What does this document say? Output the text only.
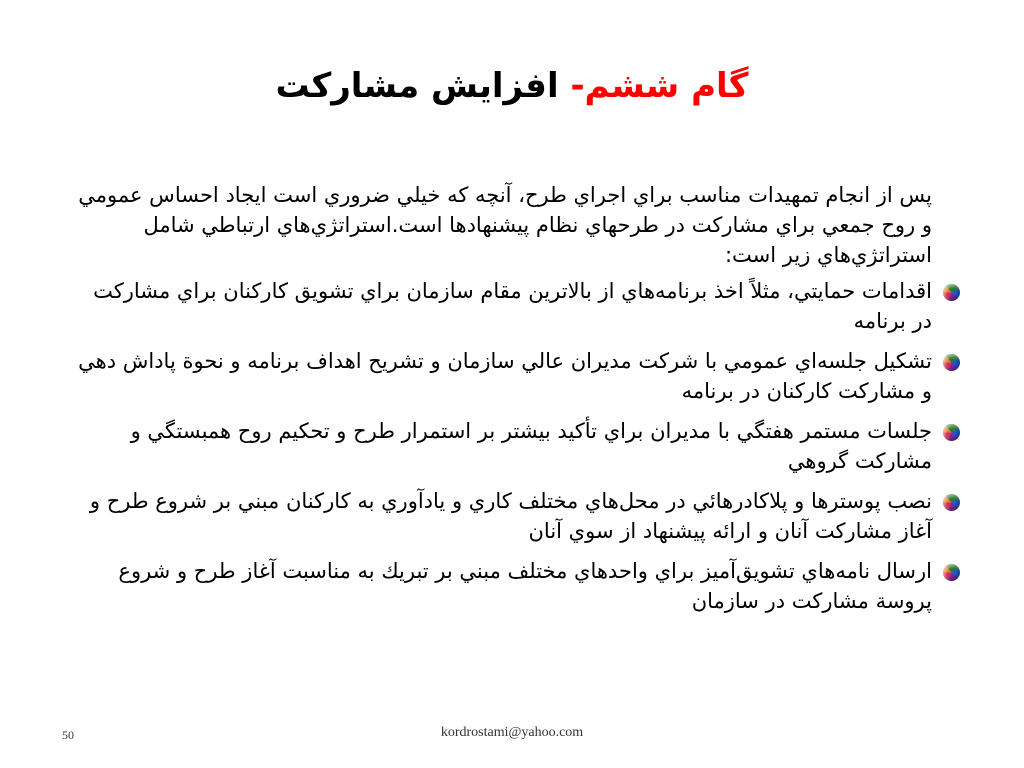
گام ششم- افزايش مشارکت

پس از انجام تمهيدات مناسب براي اجراي طرح، آنچه كه خيلي ضروري است ايجاد احساس عمومي و روح جمعي براي مشارکت در طرحهاي نظام پيشنهادها است.استراتژي‌هاي ارتباطي شامل استراتژي‌هاي زير است:

اقدامات حمايتي، مثلاً اخذ برنامه‌هاي از بالاترين مقام سازمان براي تشويق كاركنان براي مشاركت در برنامه
تشكيل جلسه‌اي عمومي با شركت مديران عالي سازمان و تشريح اهداف برنامه و نحوة پاداش دهي و مشاركت كاركنان در برنامه
جلسات مستمر هفتگي با مديران براي تأكيد بيشتر بر استمرار طرح و تحكيم روح همبستگي و مشاركت گروهي
نصب پوسترها و پلاكادرهائي در محل‌هاي مختلف كاري و يادآوري به كاركنان مبني بر شروع طرح و آغاز مشاركت آنان و ارائه پيشنهاد از سوي آنان
ارسال نامه‌هاي تشويق‌آميز براي واحدهاي مختلف مبني بر تبريك به مناسبت آغاز طرح و شروع پروسة مشاركت در سازمان
50	kordrostami@yahoo.com
